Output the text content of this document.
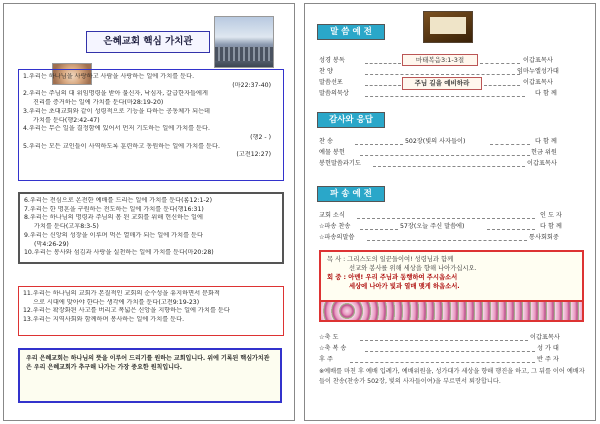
은혜교회 핵심 가치관
1.우리는 하나님을 사랑하고 사람을 사랑하는 일에 가치를 둔다.
(마22:37-40)
2.우리는 주님의 대 위임명령을 받아 불신자, 낙심자, 갈급한자들에게
진리를 증거하는 일에 가치를 둔다(마28:19-20)
3.우리는 초대교회와 같이 성령적으로 기능을 다하는 공동체가 되는데
가치를 둔다(행2:42-47)
4.우리는 무슨 일을 결정함에 있어서 먼저 기도하는 일에 가치를 둔다.
(행2 - )
5.우리는 모든 교인들이 사역하도록 훈련하고 동원하는 일에 가치를 둔다.
(고전12:27)
6.우리는 전심으로 온전한 예배를 드리는 일에 가치를 둔다(롬12:1-2)
7.우리는 한 명혼을 구원하는 전도하는 일에 가치를 둔다(행16:31)
8.우리는 하나님의 명령과 주님의 몸 된 교회를 위해 헌신하는 일에
가치를 둔다(고후8:3-5)
9.우리는 신앙의 성장을 이루며 먹은 열매가 되는 일에 가치를 둔다
(막4:26-29)
10.우리는 봉사와 섬김과 사랑을 실천하는 일에 가치를 둔다(마20:28)
11.우리는 하나님의 교회가 본질적인 교회의 순수성을 유지하면서 문화적
으로 시대에 맞아야 한다는 생각에 가치를 둔다(고전9:19-23)
12.우리는 확장화된 사고를 버리고 폭넓은 신앙을 지향하는 일에 가치를 둔다
13.우리는 지역사회와 함께하며 봉사하는 일에 가치를 둔다.
우리 은혜교회는 하나님의 뜻을 이루어 드리기를 원하는 교회입니다. 위에 기록된 핵심가치관은 우리 은혜교회가 추구해 나가는 가장 중요한 원칙입니다.
말 씀 예 전
성경 봉독	마태복음3:1-3절	이갑표목사
찬 양	임마누엘성가대
말씀선포	주님 길을 예비하라	이갑표목사
말씀의묵상	다 함 께
감사와 응답
찬 송	502장(빛의 사자들이)	다 함 께
예물 봉헌	헌금 위원
봉헌말씀과기도	이갑표목사
파 송 예 전
교회 소식	인 도 자
☆파송 찬송	57장(오늘 주신 말씀에)	다 함 께
☆파송의말씀	통사회회중
목 사 : 그리스도의 일꾼들이여! 성령님과 함께
선교와 봉사를 위해 세상을 향해 나아가십시오.
회 중 : 아멘! 우리 주님과 동행하여 주시옵소서
세상에 나아가 빛과 열매 맺게 하옵소서.
☆축 도	이갑표목사
☆축 복 송	성 가 대
후 주	반 주 자
※예배를 마친 후 예배 입례가, 예배위원을, 성가대가 세상을 향해 행진을 하고, 그 뒤를 이어 예배자들이 찬송(찬송가 502장, 빛의 사자들이여)을 부르면서 퇴장합니다.
